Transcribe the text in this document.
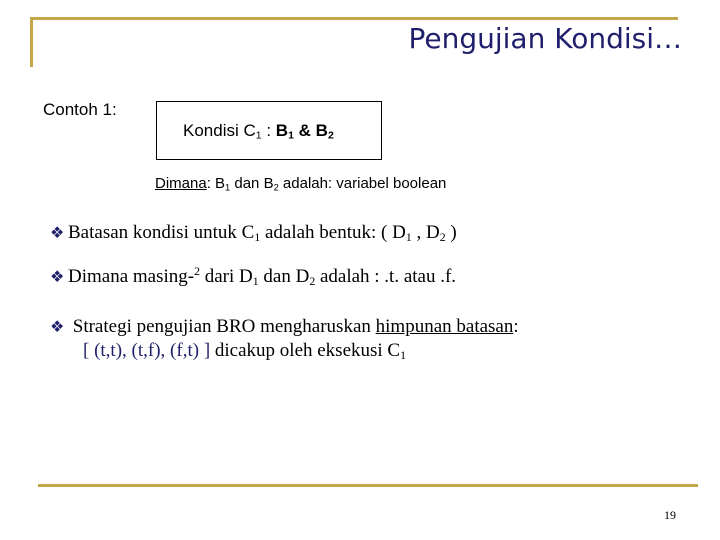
Pengujian Kondisi…
Contoh 1:
Kondisi $C_1$ : $B_1$ & $B_2$
Dimana: $B_1$ dan $B_2$ adalah: variabel boolean
❖ Batasan kondisi untuk $C_1$ adalah bentuk: ( $D_1$ , $D_2$ )
❖ Dimana masing-$^2$ dari $D_1$ dan $D_2$ adalah : .t. atau .f.
❖ Strategi pengujian BRO mengharuskan himpunan batasan:
[ (t,t), (t,f), (f,t) ] dicakup oleh eksekusi $C_1$
19
